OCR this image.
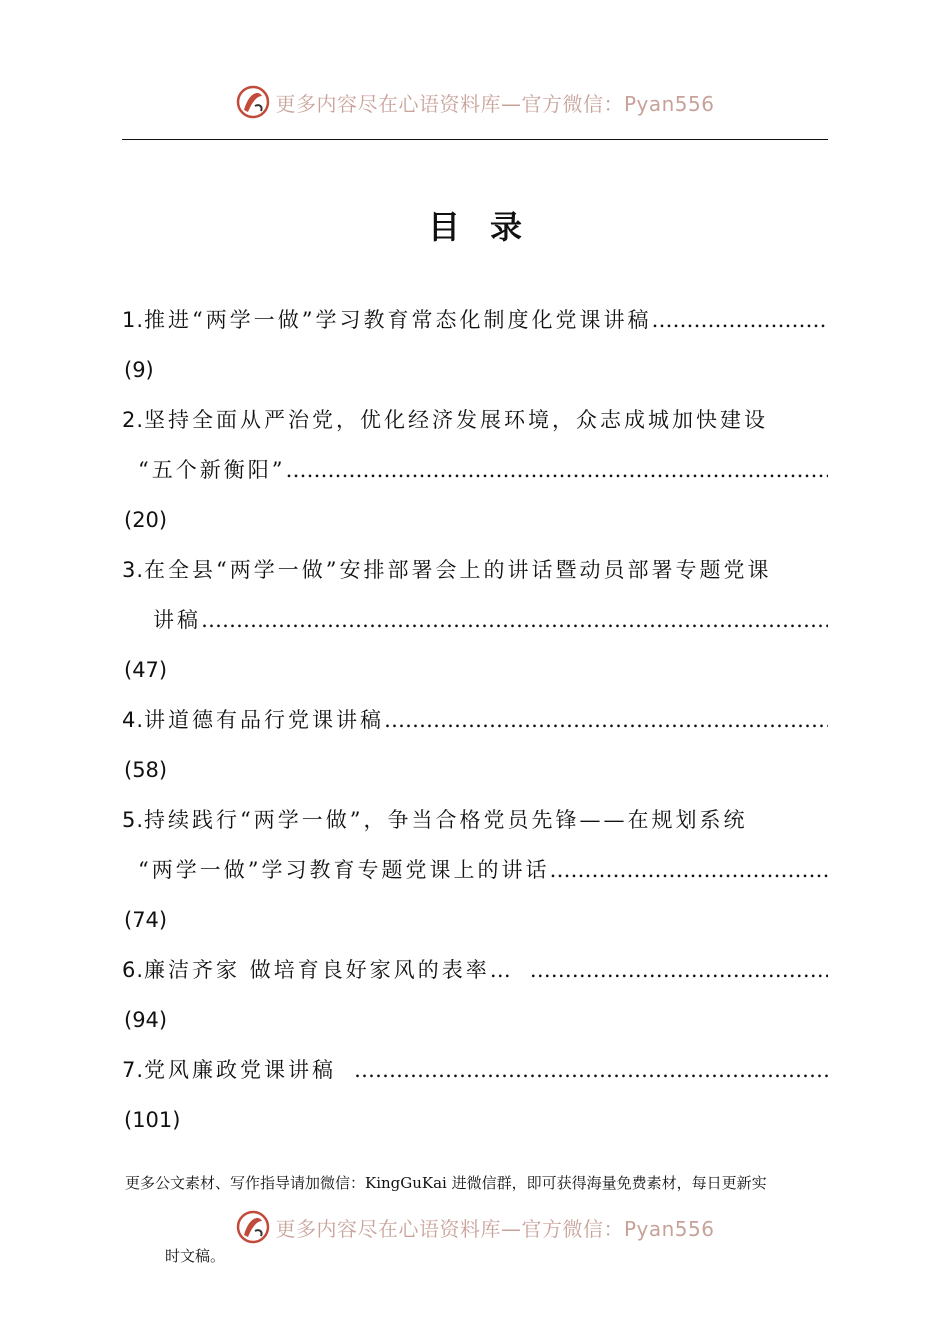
更多内容尽在心语资料库—官方微信：Pyan556
目录
1.推进“两学一做”学习教育常态化制度化党课讲稿
…………………………………………………………………………………………………………………………………………
(9)
2.坚持全面从严治党，优化经济发展环境，众志成城加快建设
“五个新衡阳”
…………………………………………………………………………………………………………………………………………
(20)
3.在全县“两学一做”安排部署会上的讲话暨动员部署专题党课
讲稿
…………………………………………………………………………………………………………………………………………
(47)
4.讲道德有品行党课讲稿
…………………………………………………………………………………………………………………………………………
(58)
5.持续践行“两学一做”，争当合格党员先锋——在规划系统
“两学一做”学习教育专题党课上的讲话
…………………………………………………………………………………………………………………………………………
(74)
6.廉洁齐家 做培育良好家风的表率…
…………………………………………………………………………………………………………………………………………
(94)
7.党风廉政党课讲稿
…………………………………………………………………………………………………………………………………………
(101)
更多公文素材、写作指导请加微信：KingGuKai 进微信群，即可获得海量免费素材，每日更新实
更多内容尽在心语资料库—官方微信：Pyan556
时文稿。
